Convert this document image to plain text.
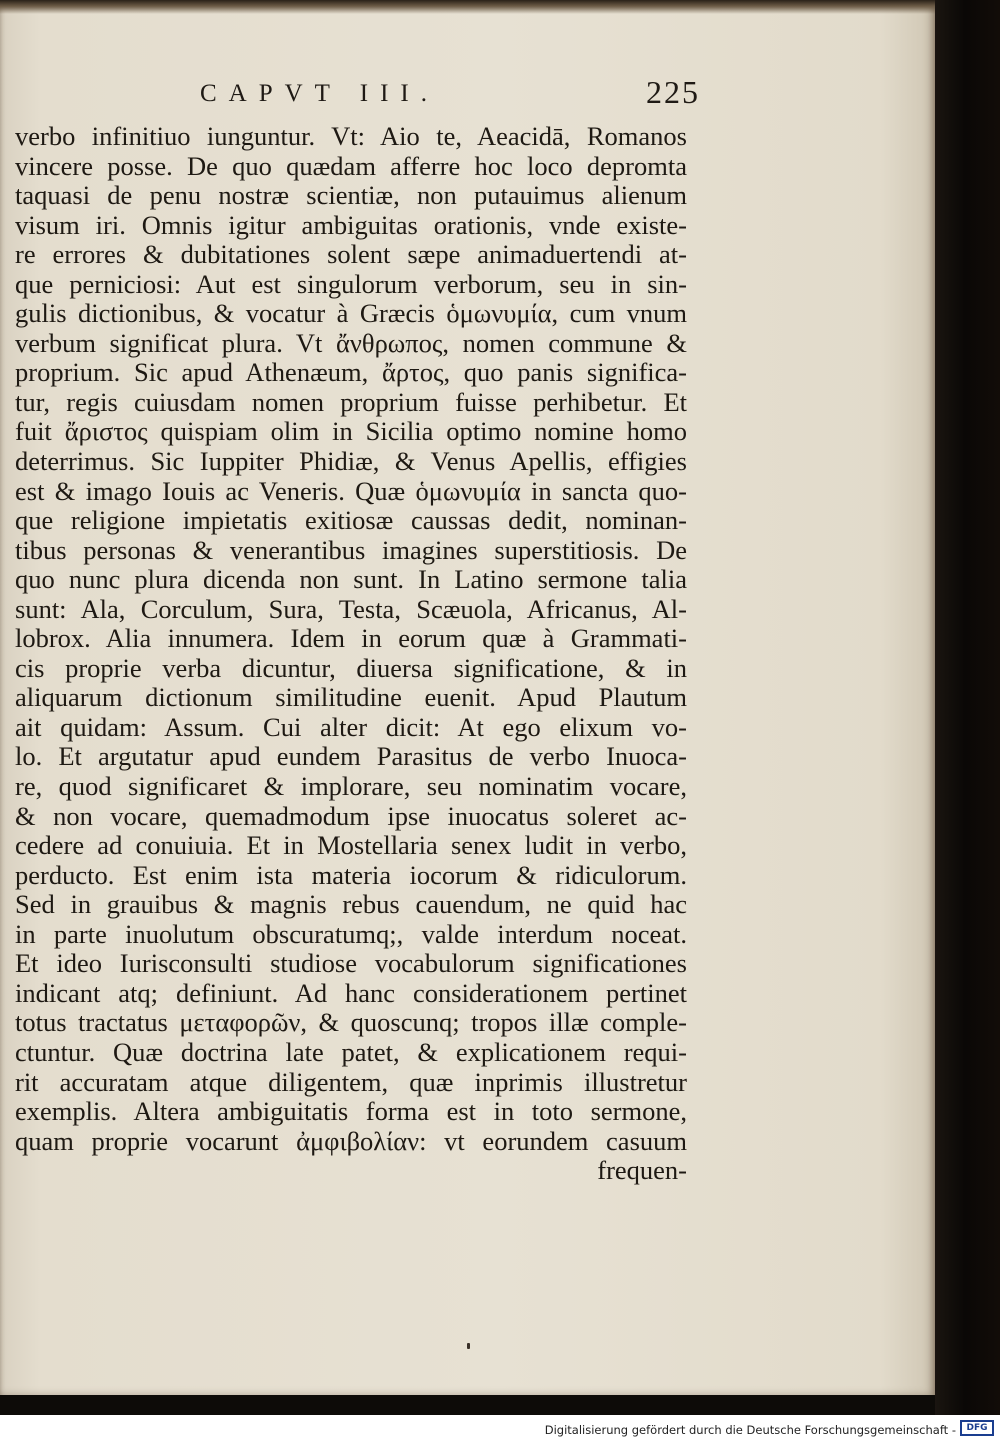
CAPVT III.	225
verbo infinitiuo iunguntur. Vt: Aio te, Aeacidā, Romanos
vincere posse. De quo quædam afferre hoc loco depromta
taquasi de penu nostræ scientiæ, non putauimus alienum
visum iri. Omnis igitur ambiguitas orationis, vnde existe-
re errores & dubitationes solent sæpe animaduertendi at-
que perniciosi: Aut est singulorum verborum, seu in sin-
gulis dictionibus, & vocatur à Græcis ὁμωνυμία, cum vnum
verbum significat plura. Vt ἄνθρωπος, nomen commune &
proprium. Sic apud Athenæum, ἄρτος, quo panis significa-
tur, regis cuiusdam nomen proprium fuisse perhibetur. Et
fuit ἄριστος quispiam olim in Sicilia optimo nomine homo
deterrimus. Sic Iuppiter Phidiæ, & Venus Apellis, effigies
est & imago Iouis ac Veneris. Quæ ὁμωνυμία in sancta quo-
que religione impietatis exitiosæ caussas dedit, nominan-
tibus personas & venerantibus imagines superstitiosis. De
quo nunc plura dicenda non sunt. In Latino sermone talia
sunt: Ala, Corculum, Sura, Testa, Scæuola, Africanus, Al-
lobrox. Alia innumera. Idem in eorum quæ à Grammati-
cis proprie verba dicuntur, diuersa significatione, & in
aliquarum dictionum similitudine euenit. Apud Plautum
ait quidam: Assum. Cui alter dicit: At ego elixum vo-
lo. Et argutatur apud eundem Parasitus de verbo Inuoca-
re, quod significaret & implorare, seu nominatim vocare,
& non vocare, quemadmodum ipse inuocatus soleret ac-
cedere ad conuiuia. Et in Mostellaria senex ludit in verbo,
perducto. Est enim ista materia iocorum & ridiculorum.
Sed in grauibus & magnis rebus cauendum, ne quid hac
in parte inuolutum obscuratumq;, valde interdum noceat.
Et ideo Iurisconsulti studiose vocabulorum significationes
indicant atq; definiunt. Ad hanc considerationem pertinet
totus tractatus μεταφορῶν, & quoscunq; tropos illæ comple-
ctuntur. Quæ doctrina late patet, & explicationem requi-
rit accuratam atque diligentem, quæ inprimis illustretur
exemplis. Altera ambiguitatis forma est in toto sermone,
quam proprie vocarunt ἀμφιβολίαν: vt eorundem casuum
frequen-
Digitalisierung gefördert durch die Deutsche Forschungsgemeinschaft -	DFG
